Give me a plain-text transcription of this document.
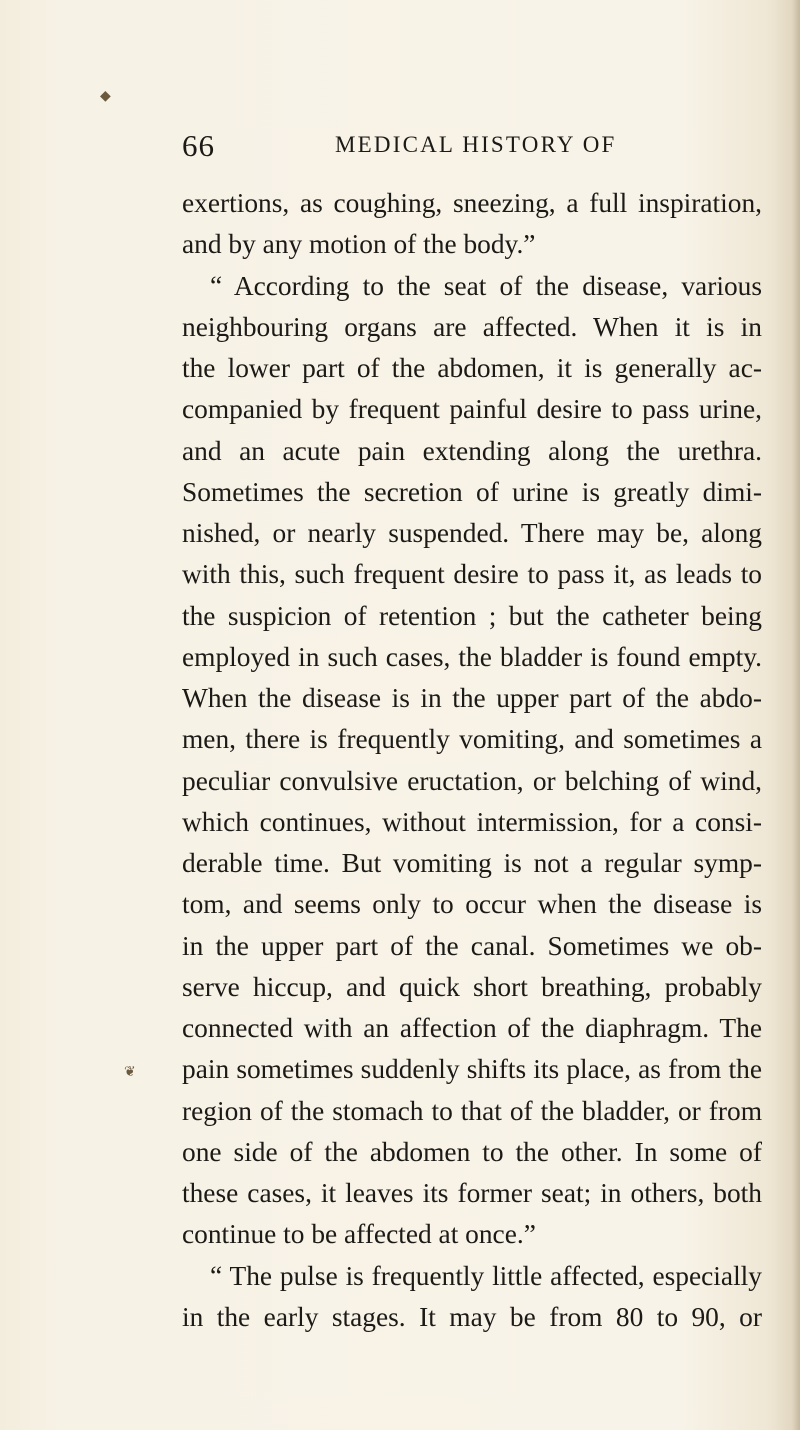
◆
❦
66	MEDICAL HISTORY OF
exertions, as coughing, sneezing, a full inspiration,
and by any motion of the body.”
“ According to the seat of the disease, various
neighbouring organs are affected. When it is in
the lower part of the abdomen, it is generally ac-
companied by frequent painful desire to pass urine,
and an acute pain extending along the urethra.
Sometimes the secretion of urine is greatly dimi-
nished, or nearly suspended. There may be, along
with this, such frequent desire to pass it, as leads to
the suspicion of retention ; but the catheter being
employed in such cases, the bladder is found empty.
When the disease is in the upper part of the abdo-
men, there is frequently vomiting, and sometimes a
peculiar convulsive eructation, or belching of wind,
which continues, without intermission, for a consi-
derable time. But vomiting is not a regular symp-
tom, and seems only to occur when the disease is
in the upper part of the canal. Sometimes we ob-
serve hiccup, and quick short breathing, probably
connected with an affection of the diaphragm. The
pain sometimes suddenly shifts its place, as from the
region of the stomach to that of the bladder, or from
one side of the abdomen to the other. In some of
these cases, it leaves its former seat; in others, both
continue to be affected at once.”
“ The pulse is frequently little affected, especially
in the early stages. It may be from 80 to 90, or
